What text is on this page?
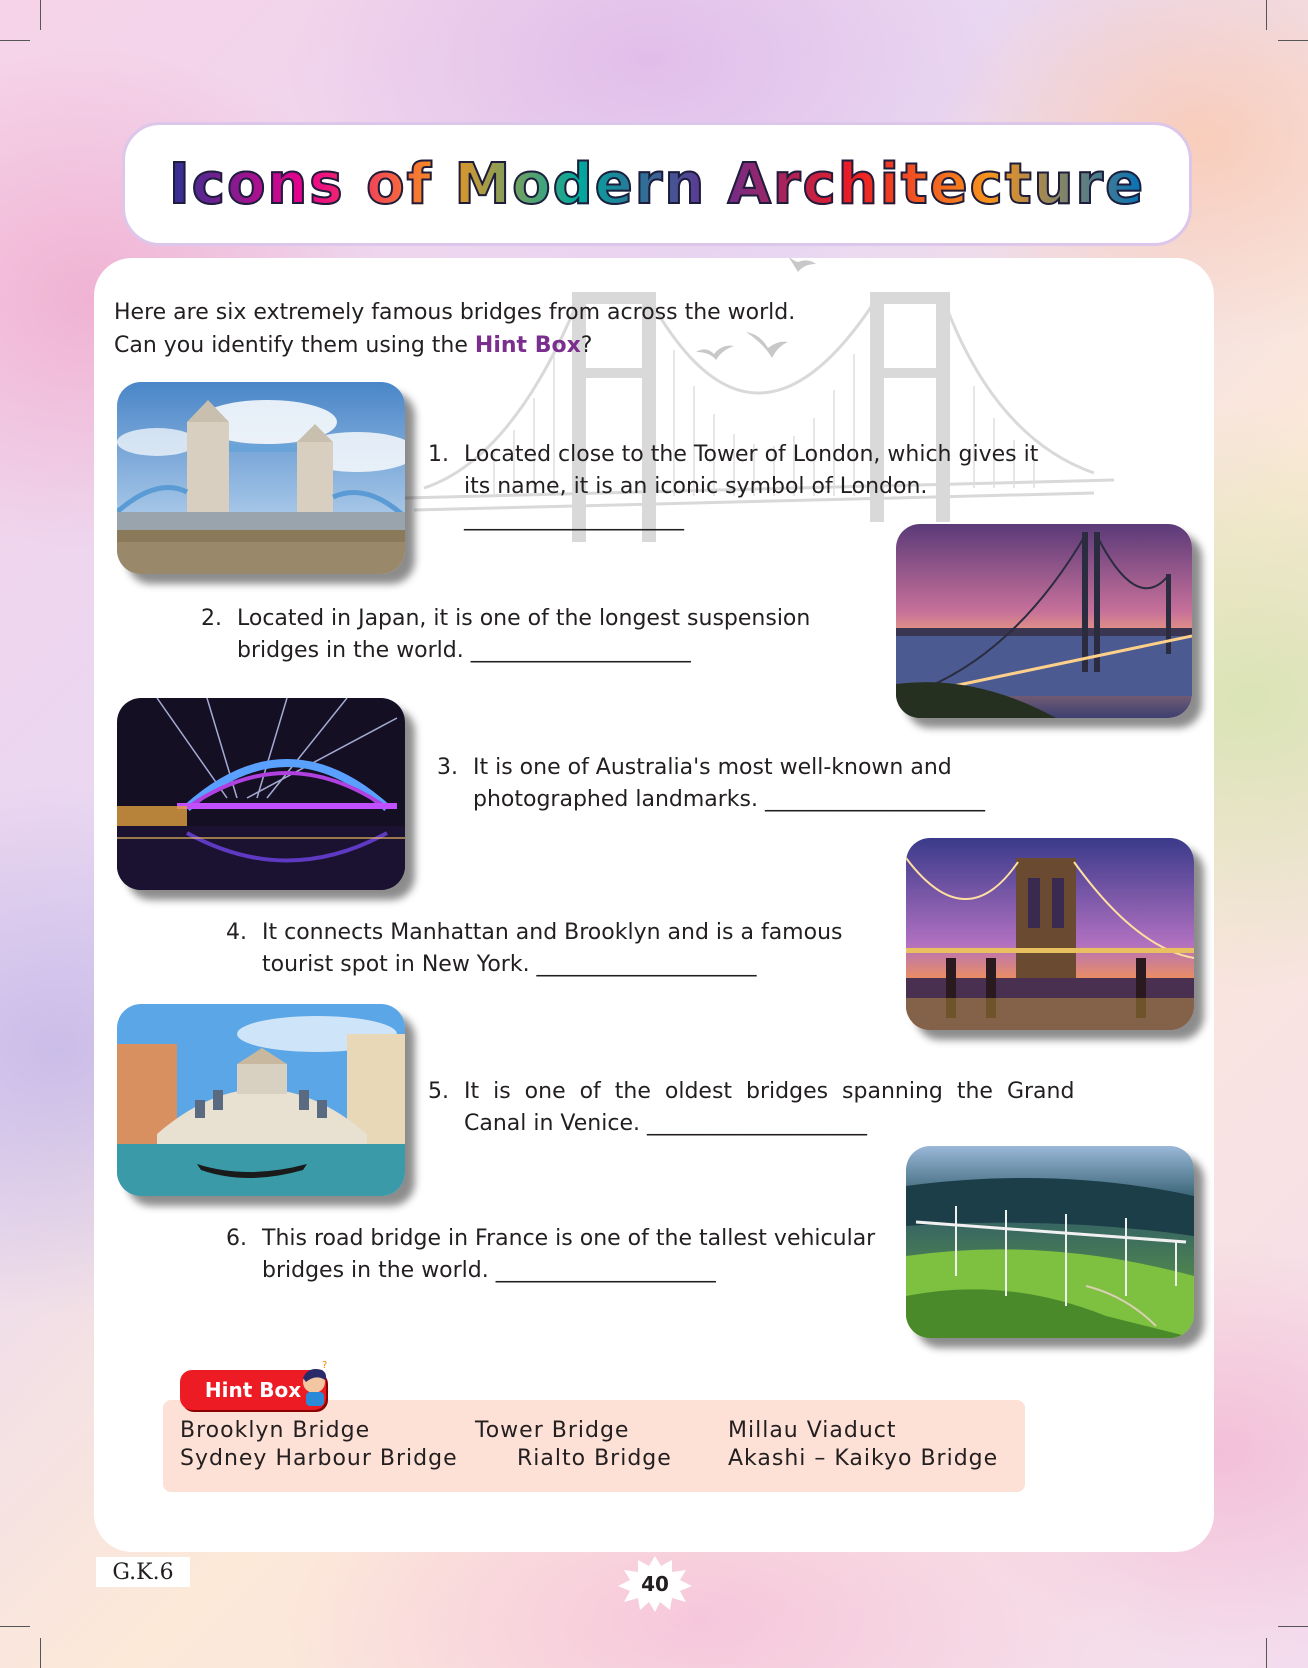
Icons of Modern Architecture
Here are six extremely famous bridges from across the world.
Can you identify them using the Hint Box?
1. Located close to the Tower of London, which gives it
its name, it is an iconic symbol of London.
____________________
2. Located in Japan, it is one of the longest suspension
bridges in the world. ____________________
3. It is one of Australia's most well-known and
photographed landmarks. ____________________
4. It connects Manhattan and Brooklyn and is a famous
tourist spot in New York. ____________________
5. It  is  one  of  the  oldest  bridges  spanning  the  Grand
Canal in Venice. ____________________
6. This road bridge in France is one of the tallest vehicular
bridges in the world. ____________________
Brooklyn Bridge	Tower Bridge	Millau Viaduct
Sydney Harbour Bridge	Rialto Bridge	Akashi – Kaikyo Bridge
Hint Box
?
G.K.6	40
